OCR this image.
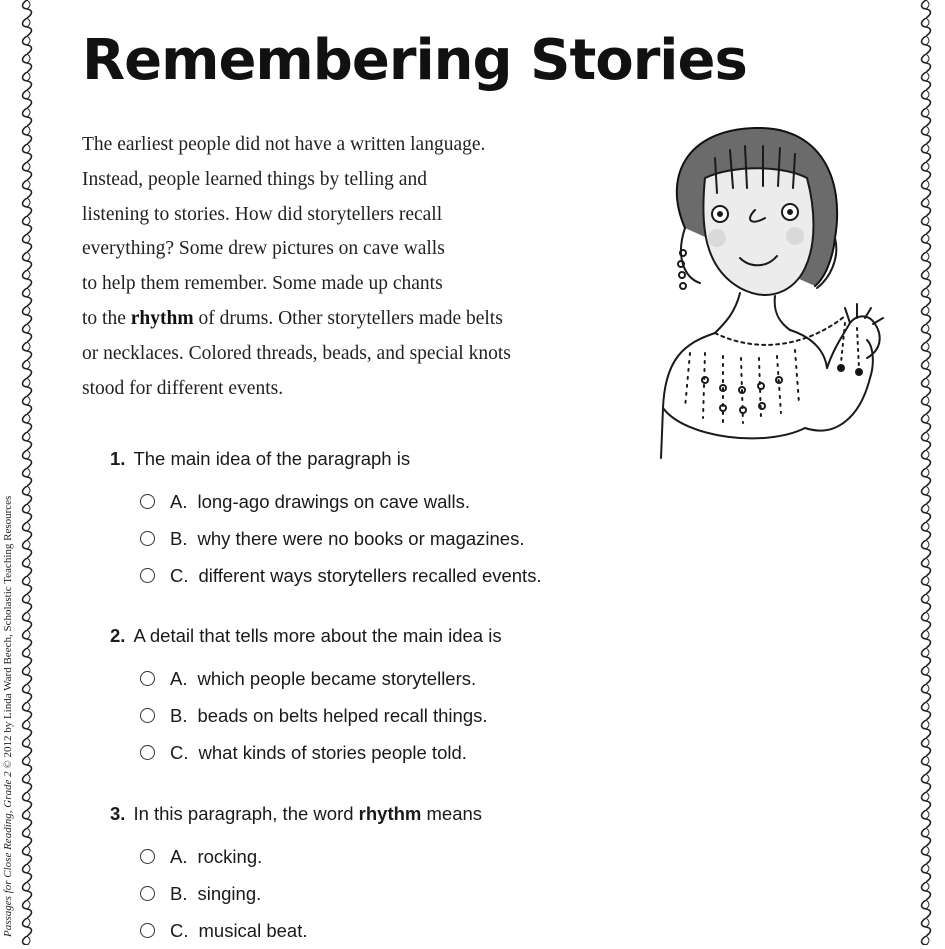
Passages for Close Reading, Grade 2 © 2012 by Linda Ward Beech, Scholastic Teaching Resources
Remembering Stories
The earliest people did not have a written language.
Instead, people learned things by telling and
listening to stories. How did storytellers recall
everything? Some drew pictures on cave walls
to help them remember. Some made up chants
to the rhythm of drums. Other storytellers made belts
or necklaces. Colored threads, beads, and special knots
stood for different events.

1. The main idea of the paragraph is

A. long-ago drawings on cave walls.
B. why there were no books or magazines.
C. different ways storytellers recalled events.

2. A detail that tells more about the main idea is

A. which people became storytellers.
B. beads on belts helped recall things.
C. what kinds of stories people told.

3. In this paragraph, the word rhythm means

A. rocking.
B. singing.
C. musical beat.
